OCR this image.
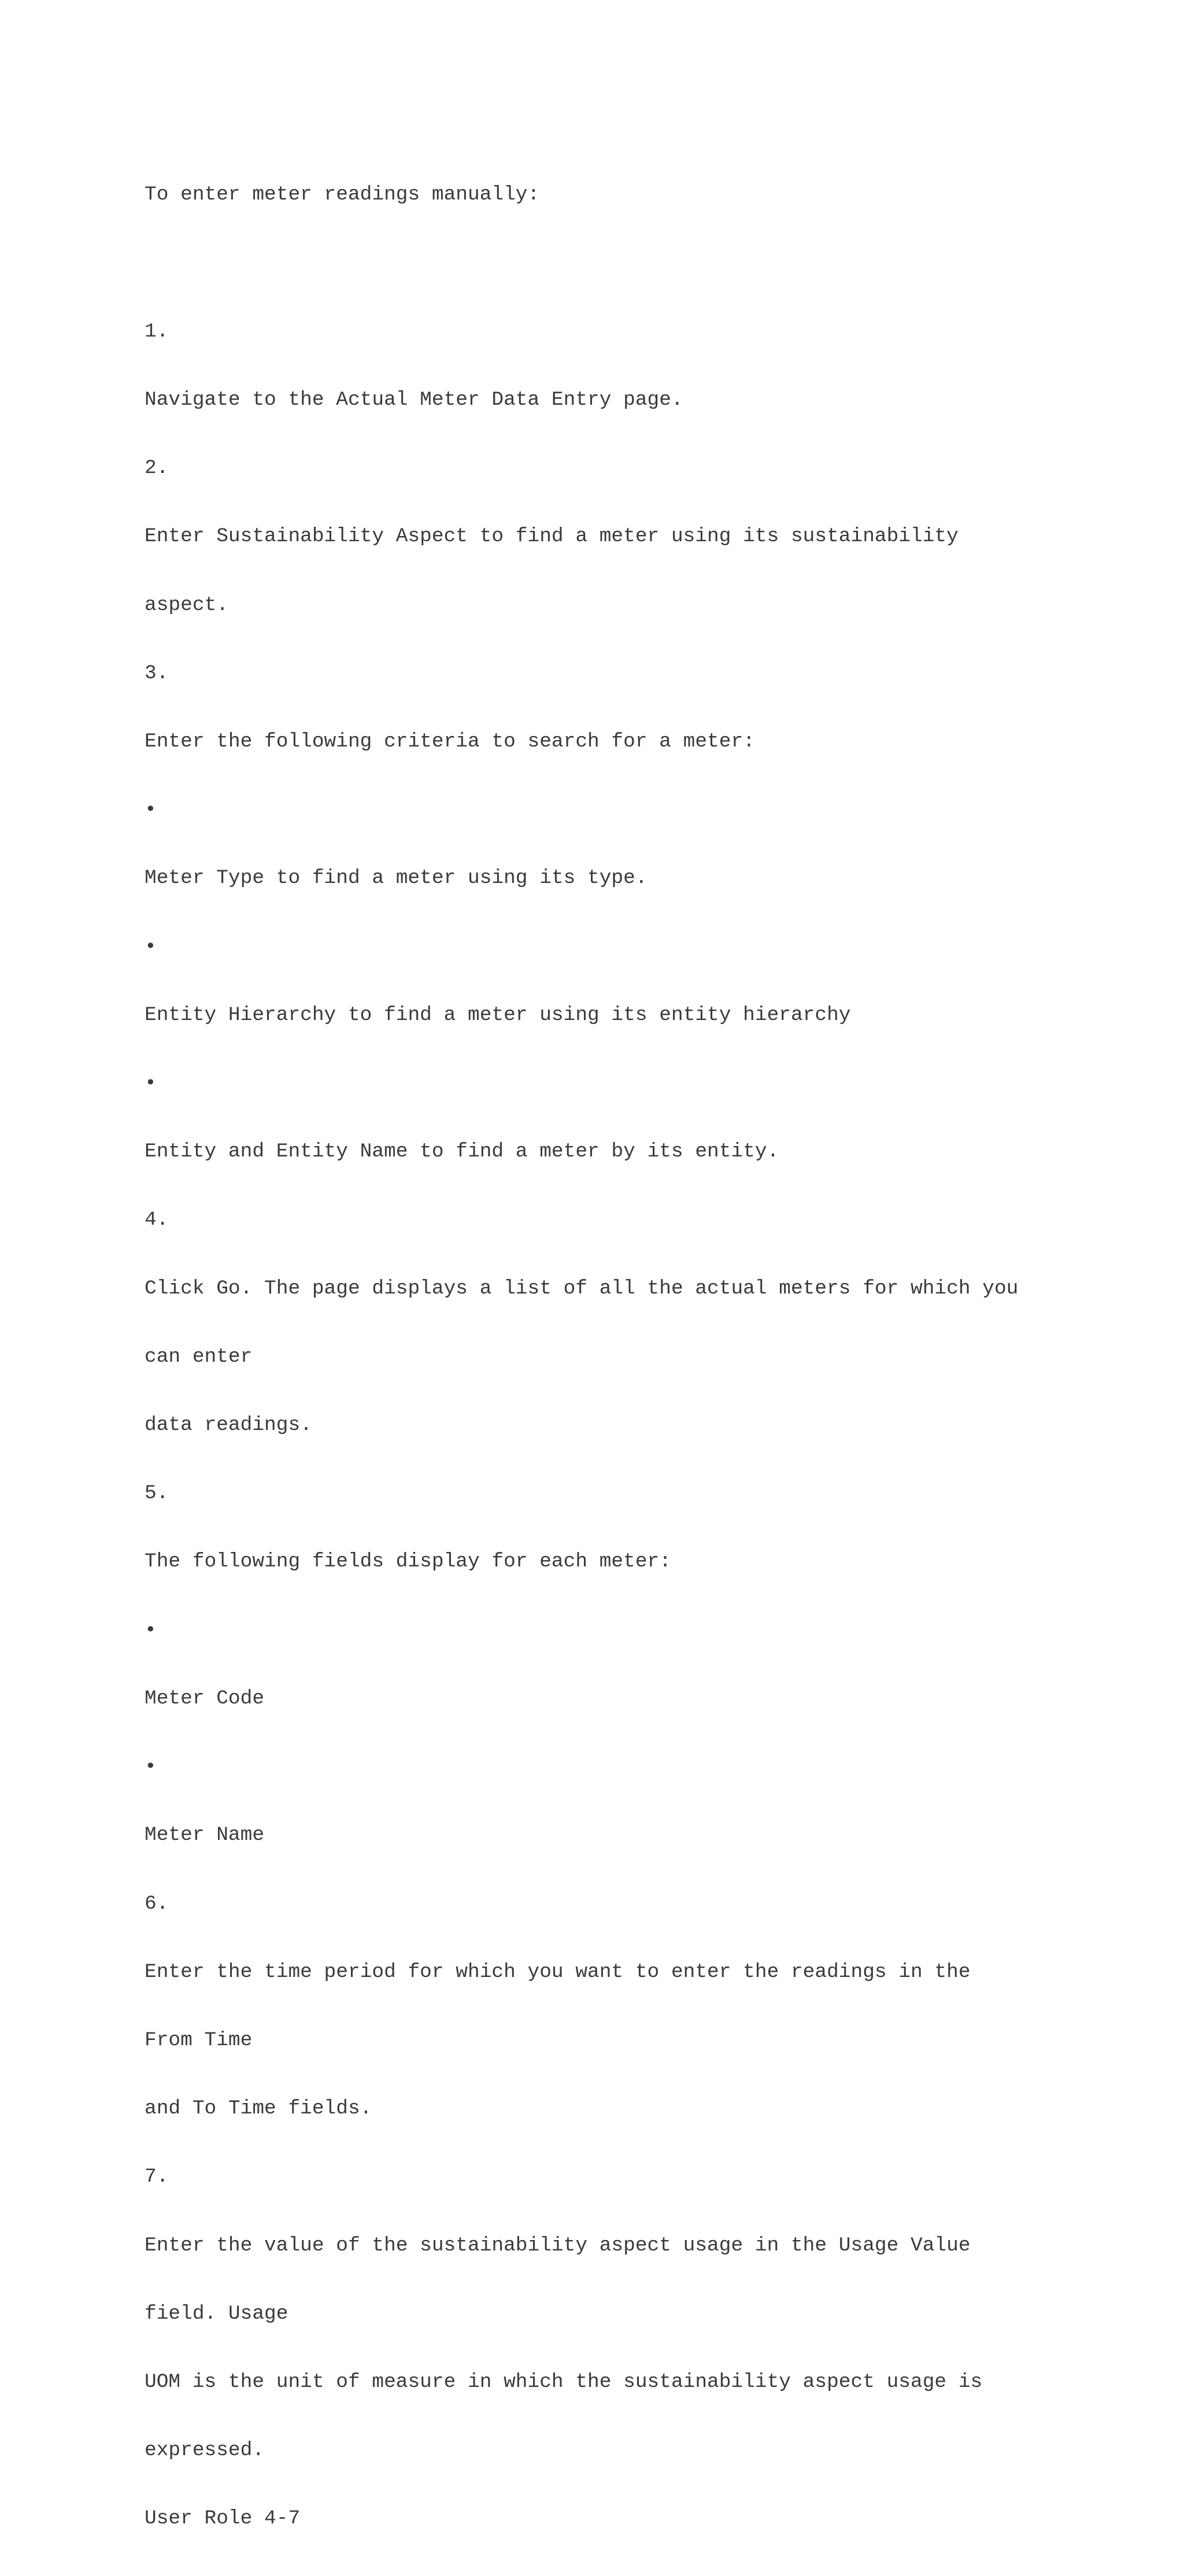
To enter meter readings manually:

1.

Navigate to the Actual Meter Data Entry page.

2.

Enter Sustainability Aspect to find a meter using its sustainability

aspect.

3.

Enter the following criteria to search for a meter:

•

Meter Type to find a meter using its type.

•

Entity Hierarchy to find a meter using its entity hierarchy

•

Entity and Entity Name to find a meter by its entity.

4.

Click Go. The page displays a list of all the actual meters for which you

can enter

data readings.

5.

The following fields display for each meter:

•

Meter Code

•

Meter Name

6.

Enter the time period for which you want to enter the readings in the

From Time

and To Time fields.

7.

Enter the value of the sustainability aspect usage in the Usage Value

field. Usage

UOM is the unit of measure in which the sustainability aspect usage is

expressed.

User Role 4-7
